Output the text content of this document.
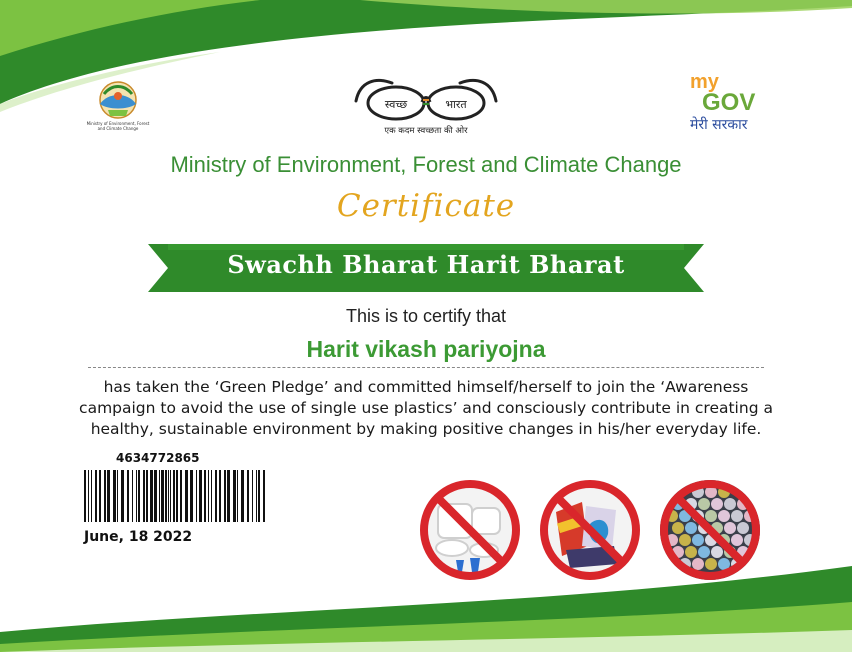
Ministry of Environment, Forest
and Climate Change
स्वच्छ	भारत
एक कदम स्वच्छता की ओर
my
GOV
मेरी सरकार
Ministry of Environment, Forest and Climate Change
Certificate
Swachh Bharat Harit Bharat
This is to certify that
Harit vikash pariyojna
has taken the ‘Green Pledge’ and committed himself/herself to join the ‘Awareness campaign to avoid the use of single use plastics’ and consciously contribute in creating a healthy, sustainable environment by making positive changes in his/her everyday life.
4634772865
June, 18 2022
